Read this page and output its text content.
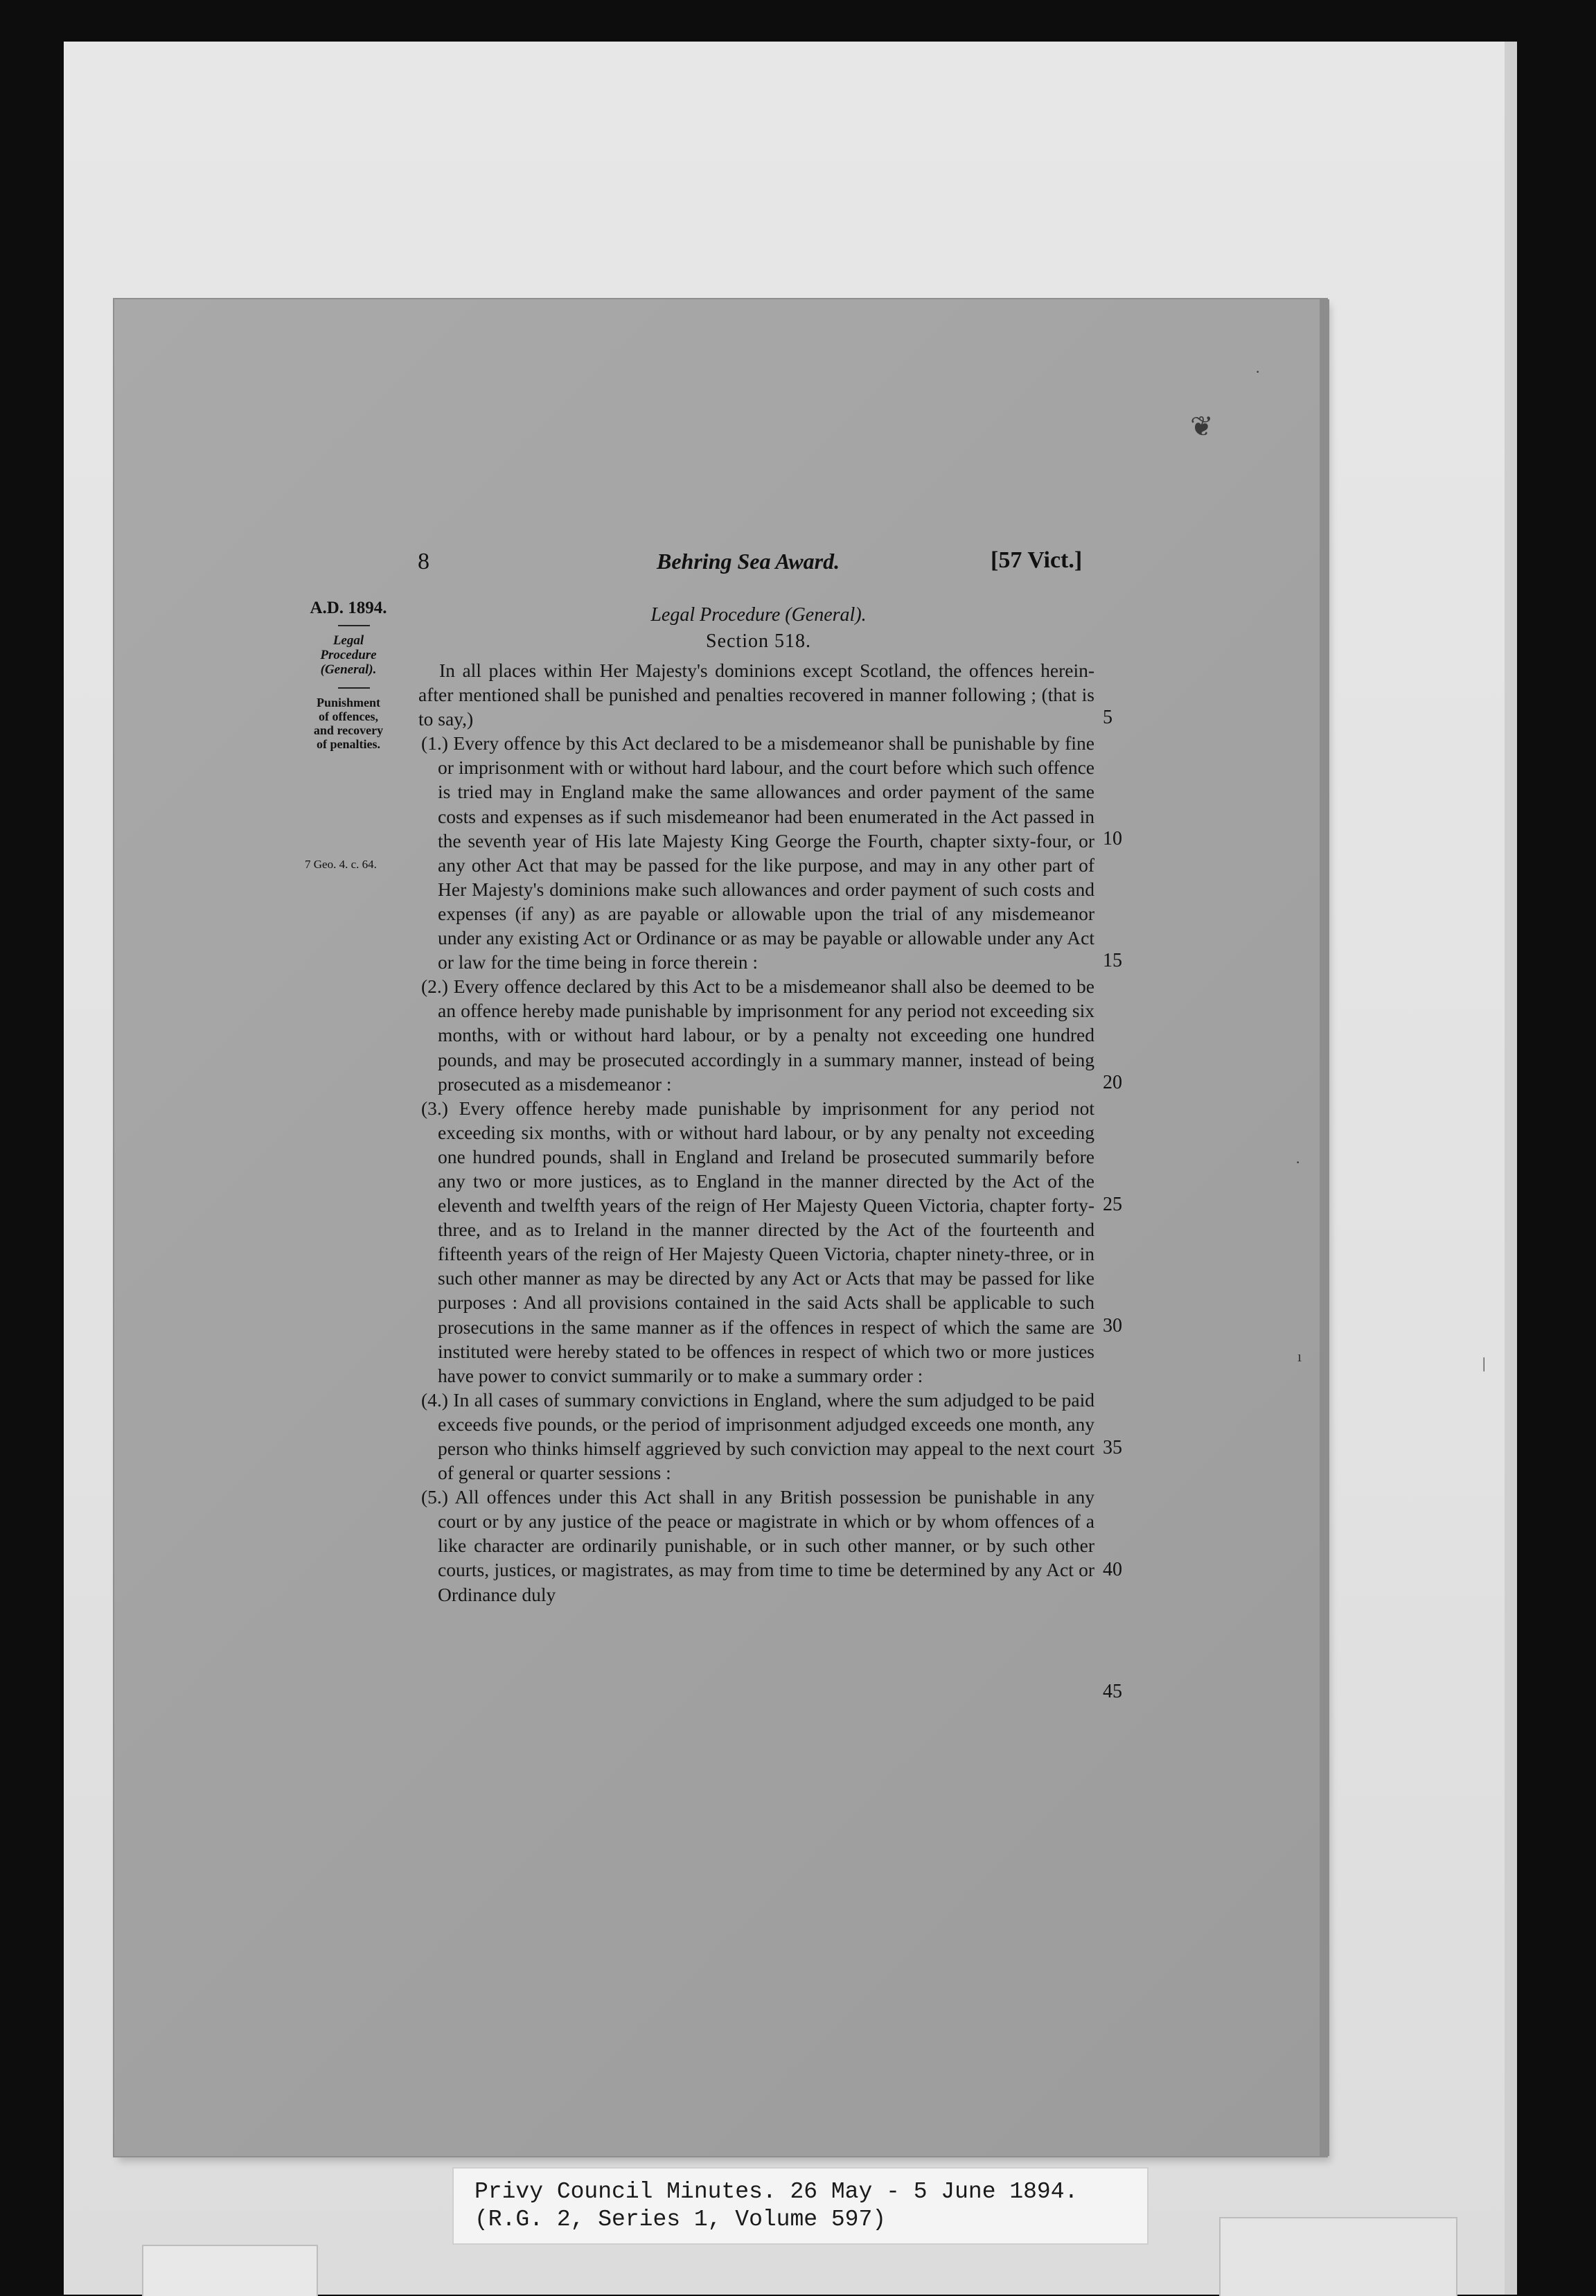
❦
·
·
ı	|
8	Behring Sea Award.	[57 Vict.]
A.D. 1894.
Legal
Procedure
(General).
Punishment
of offences,
and recovery
of penalties.
7 Geo. 4. c. 64.
Legal Procedure (General).
Section 518.

In all places within Her Majesty's dominions except Scotland, the offences herein-after mentioned shall be punished and penalties recovered in manner following ; (that is to say,)

(1.) Every offence by this Act declared to be a misdemeanor shall be punishable by fine or imprisonment with or without hard labour, and the court before which such offence is tried may in England make the same allowances and order payment of the same costs and expenses as if such misdemeanor had been enumerated in the Act passed in the seventh year of His late Majesty King George the Fourth, chapter sixty-four, or any other Act that may be passed for the like purpose, and may in any other part of Her Majesty's dominions make such allowances and order payment of such costs and expenses (if any) as are payable or allowable upon the trial of any misdemeanor under any existing Act or Ordinance or as may be payable or allowable under any Act or law for the time being in force therein :

(2.) Every offence declared by this Act to be a misdemeanor shall also be deemed to be an offence hereby made punishable by imprisonment for any period not exceeding six months, with or without hard labour, or by a penalty not exceeding one hundred pounds, and may be prosecuted accordingly in a summary manner, instead of being prosecuted as a misdemeanor :

(3.) Every offence hereby made punishable by imprisonment for any period not exceeding six months, with or without hard labour, or by any penalty not exceeding one hundred pounds, shall in England and Ireland be prosecuted summarily before any two or more justices, as to England in the manner directed by the Act of the eleventh and twelfth years of the reign of Her Majesty Queen Victoria, chapter forty-three, and as to Ireland in the manner directed by the Act of the fourteenth and fifteenth years of the reign of Her Majesty Queen Victoria, chapter ninety-three, or in such other manner as may be directed by any Act or Acts that may be passed for like purposes : And all provisions contained in the said Acts shall be applicable to such prosecutions in the same manner as if the offences in respect of which the same are instituted were hereby stated to be offences in respect of which two or more justices have power to convict summarily or to make a summary order :

(4.) In all cases of summary convictions in England, where the sum adjudged to be paid exceeds five pounds, or the period of imprisonment adjudged exceeds one month, any person who thinks himself aggrieved by such conviction may appeal to the next court of general or quarter sessions :

(5.) All offences under this Act shall in any British possession be punishable in any court or by any justice of the peace or magistrate in which or by whom offences of a like character are ordinarily punishable, or in such other manner, or by such other courts, justices, or magistrates, as may from time to time be determined by any Act or Ordinance duly

5
10
15
20
25
30
35
40
45
Privy Council Minutes. 26 May - 5 June 1894.
(R.G. 2, Series 1, Volume 597)
